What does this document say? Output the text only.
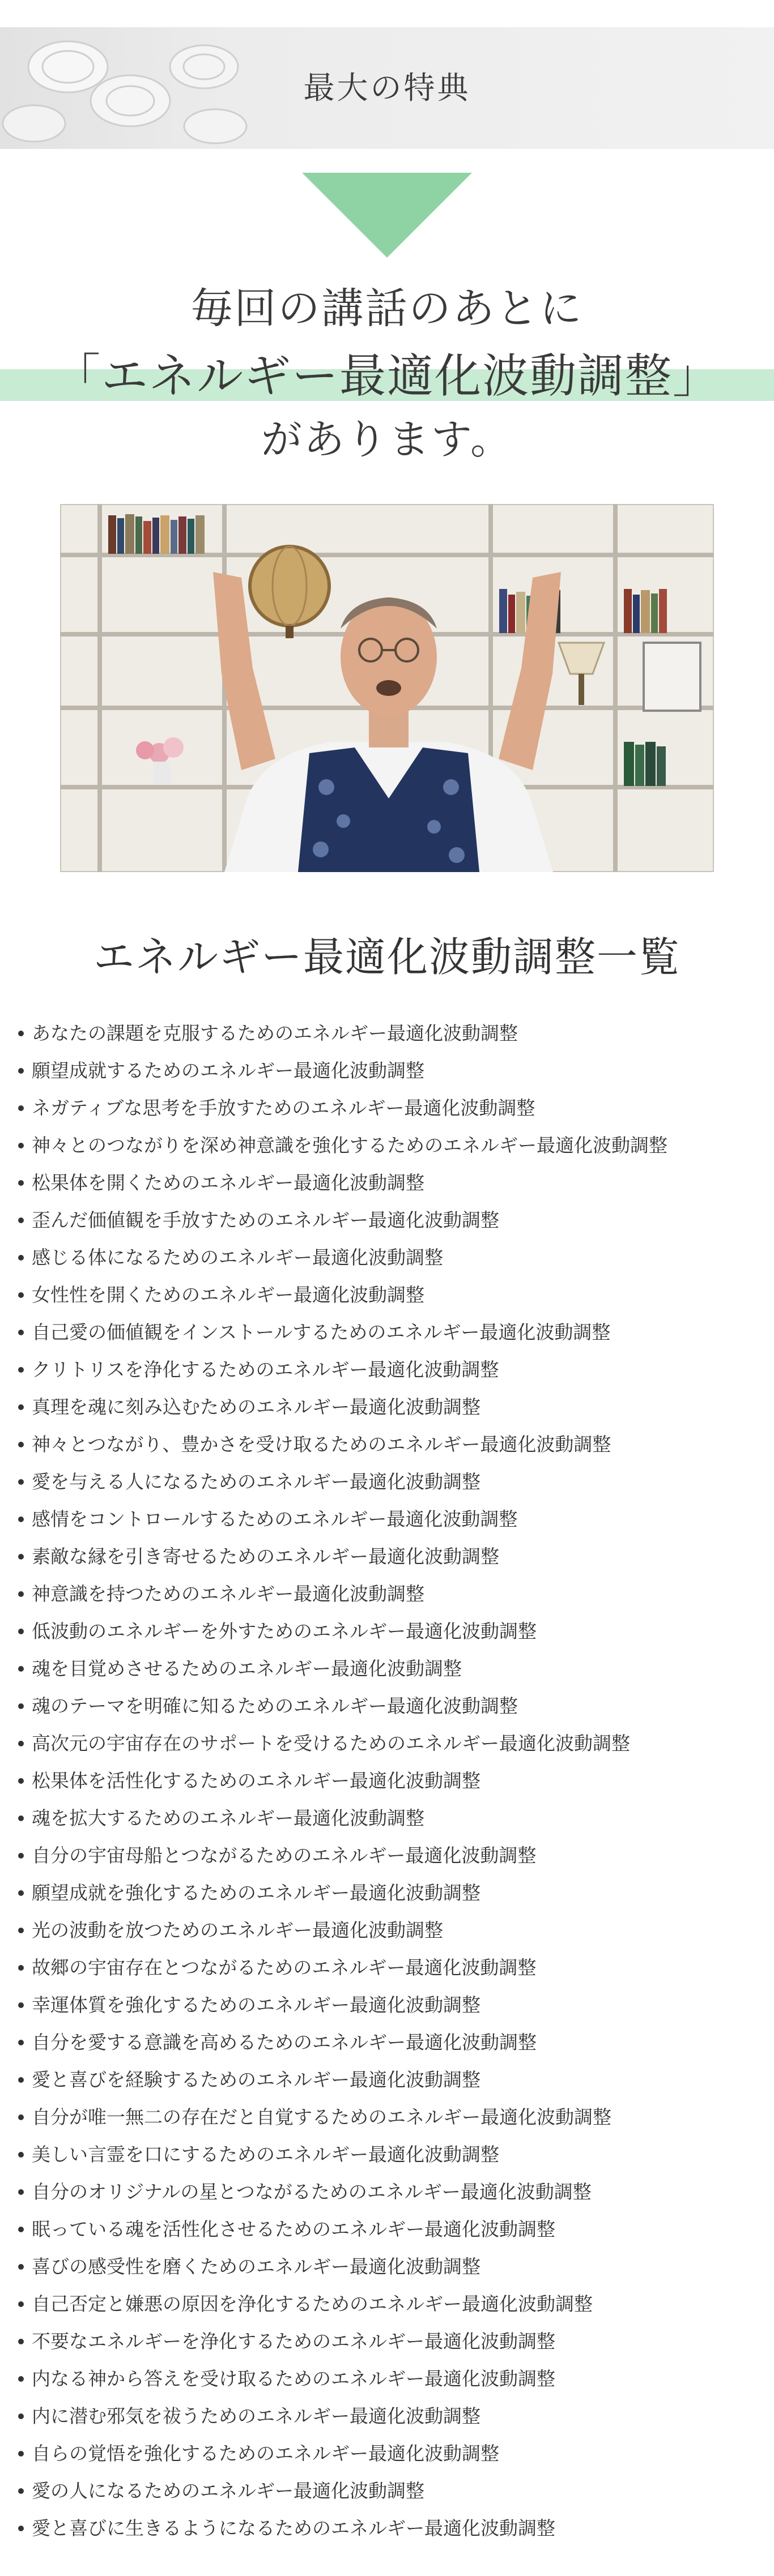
最大の特典
毎回の講話のあとに
「エネルギー最適化波動調整」
があります。
エネルギー最適化波動調整一覧
あなたの課題を克服するためのエネルギー最適化波動調整
願望成就するためのエネルギー最適化波動調整
ネガティブな思考を手放すためのエネルギー最適化波動調整
神々とのつながりを深め神意識を強化するためのエネルギー最適化波動調整
松果体を開くためのエネルギー最適化波動調整
歪んだ価値観を手放すためのエネルギー最適化波動調整
感じる体になるためのエネルギー最適化波動調整
女性性を開くためのエネルギー最適化波動調整
自己愛の価値観をインストールするためのエネルギー最適化波動調整
クリトリスを浄化するためのエネルギー最適化波動調整
真理を魂に刻み込むためのエネルギー最適化波動調整
神々とつながり、豊かさを受け取るためのエネルギー最適化波動調整
愛を与える人になるためのエネルギー最適化波動調整
感情をコントロールするためのエネルギー最適化波動調整
素敵な縁を引き寄せるためのエネルギー最適化波動調整
神意識を持つためのエネルギー最適化波動調整
低波動のエネルギーを外すためのエネルギー最適化波動調整
魂を目覚めさせるためのエネルギー最適化波動調整
魂のテーマを明確に知るためのエネルギー最適化波動調整
高次元の宇宙存在のサポートを受けるためのエネルギー最適化波動調整
松果体を活性化するためのエネルギー最適化波動調整
魂を拡大するためのエネルギー最適化波動調整
自分の宇宙母船とつながるためのエネルギー最適化波動調整
願望成就を強化するためのエネルギー最適化波動調整
光の波動を放つためのエネルギー最適化波動調整
故郷の宇宙存在とつながるためのエネルギー最適化波動調整
幸運体質を強化するためのエネルギー最適化波動調整
自分を愛する意識を高めるためのエネルギー最適化波動調整
愛と喜びを経験するためのエネルギー最適化波動調整
自分が唯一無二の存在だと自覚するためのエネルギー最適化波動調整
美しい言霊を口にするためのエネルギー最適化波動調整
自分のオリジナルの星とつながるためのエネルギー最適化波動調整
眠っている魂を活性化させるためのエネルギー最適化波動調整
喜びの感受性を磨くためのエネルギー最適化波動調整
自己否定と嫌悪の原因を浄化するためのエネルギー最適化波動調整
不要なエネルギーを浄化するためのエネルギー最適化波動調整
内なる神から答えを受け取るためのエネルギー最適化波動調整
内に潜む邪気を祓うためのエネルギー最適化波動調整
自らの覚悟を強化するためのエネルギー最適化波動調整
愛の人になるためのエネルギー最適化波動調整
愛と喜びに生きるようになるためのエネルギー最適化波動調整
